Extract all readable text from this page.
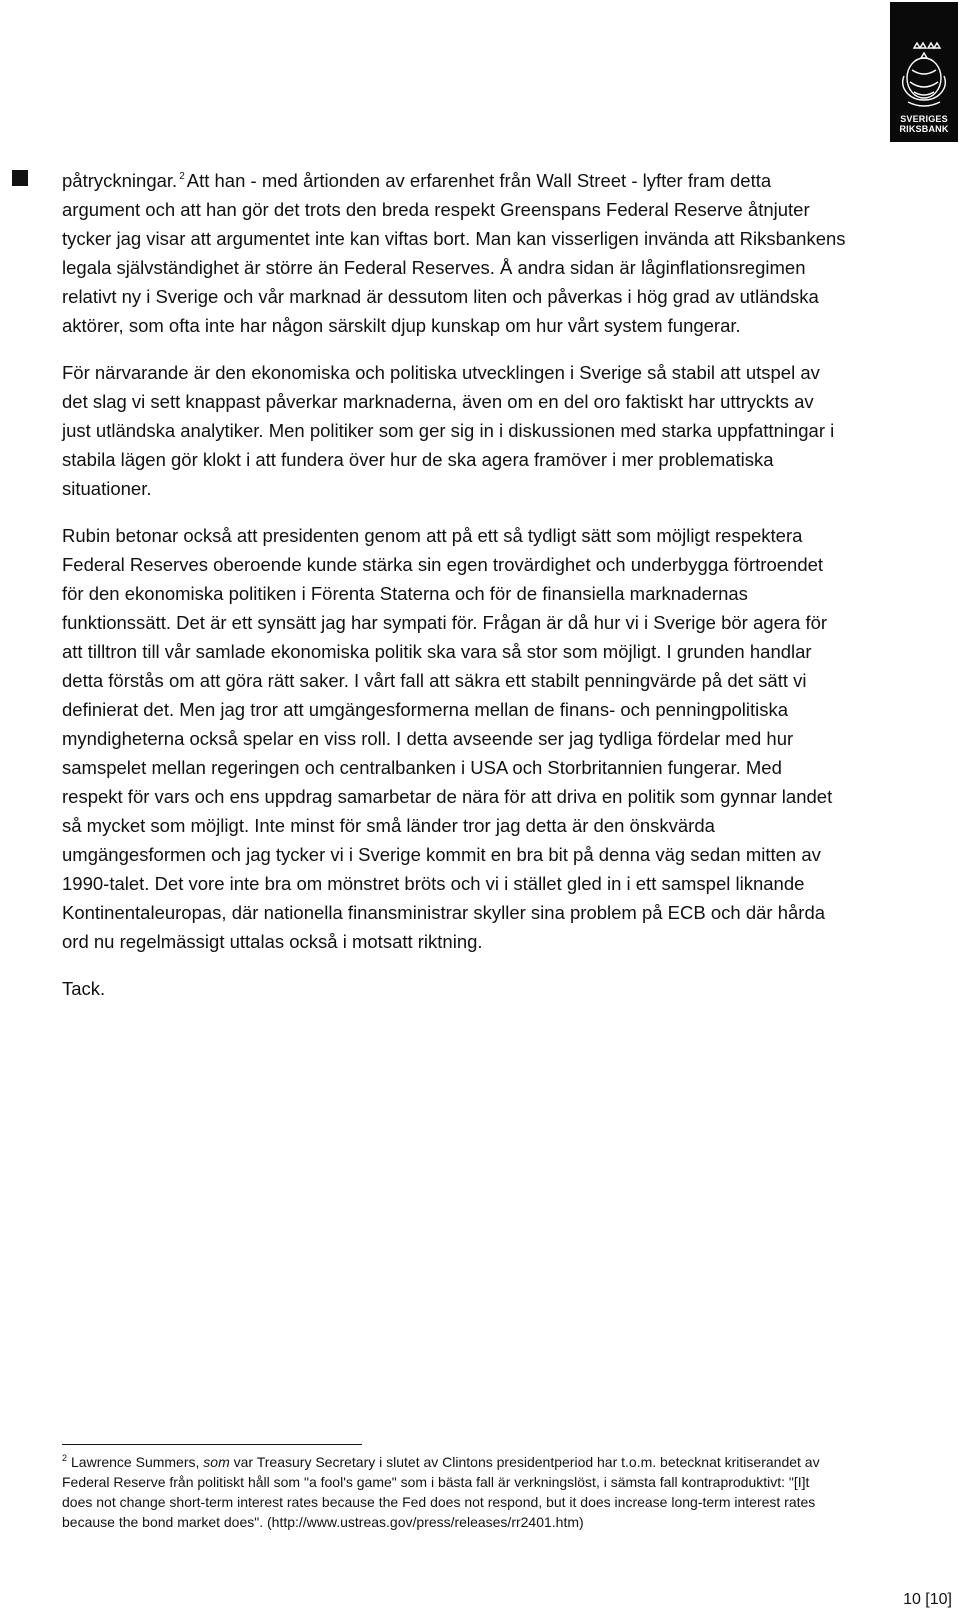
SVERIGES
RIKSBANK

påtryckningar. $^2$ Att han - med årtionden av erfarenhet från Wall Street - lyfter fram detta argument och att han gör det trots den breda respekt Greenspans Federal Reserve åtnjuter tycker jag visar att argumentet inte kan viftas bort. Man kan visserligen invända att Riksbankens legala självständighet är större än Federal Reserves. Å andra sidan är låginflationsregimen relativt ny i Sverige och vår marknad är dessutom liten och påverkas i hög grad av utländska aktörer, som ofta inte har någon särskilt djup kunskap om hur vårt system fungerar.

För närvarande är den ekonomiska och politiska utvecklingen i Sverige så stabil att utspel av det slag vi sett knappast påverkar marknaderna, även om en del oro faktiskt har uttryckts av just utländska analytiker. Men politiker som ger sig in i diskussionen med starka uppfattningar i stabila lägen gör klokt i att fundera över hur de ska agera framöver i mer problematiska situationer.

Rubin betonar också att presidenten genom att på ett så tydligt sätt som möjligt respektera Federal Reserves oberoende kunde stärka sin egen trovärdighet och underbygga förtroendet för den ekonomiska politiken i Förenta Staterna och för de finansiella marknadernas funktionssätt. Det är ett synsätt jag har sympati för. Frågan är då hur vi i Sverige bör agera för att tilltron till vår samlade ekonomiska politik ska vara så stor som möjligt. I grunden handlar detta förstås om att göra rätt saker. I vårt fall att säkra ett stabilt penningvärde på det sätt vi definierat det. Men jag tror att umgängesformerna mellan de finans- och penningpolitiska myndigheterna också spelar en viss roll. I detta avseende ser jag tydliga fördelar med hur samspelet mellan regeringen och centralbanken i USA och Storbritannien fungerar. Med respekt för vars och ens uppdrag samarbetar de nära för att driva en politik som gynnar landet så mycket som möjligt. Inte minst för små länder tror jag detta är den önskvärda umgängesformen och jag tycker vi i Sverige kommit en bra bit på denna väg sedan mitten av 1990-talet. Det vore inte bra om mönstret bröts och vi i stället gled in i ett samspel liknande Kontinentaleuropas, där nationella finansministrar skyller sina problem på ECB och där hårda ord nu regelmässigt uttalas också i motsatt riktning.

Tack.

$^2$ Lawrence Summers, som var Treasury Secretary i slutet av Clintons presidentperiod har t.o.m. betecknat kritiserandet av Federal Reserve från politiskt håll som "a fool's game" som i bästa fall är verkningslöst, i sämsta fall kontraproduktivt: "[I]t does not change short-term interest rates because the Fed does not respond, but it does increase long-term interest rates because the bond market does". (http://www.ustreas.gov/press/releases/rr2401.htm)
10 [10]
